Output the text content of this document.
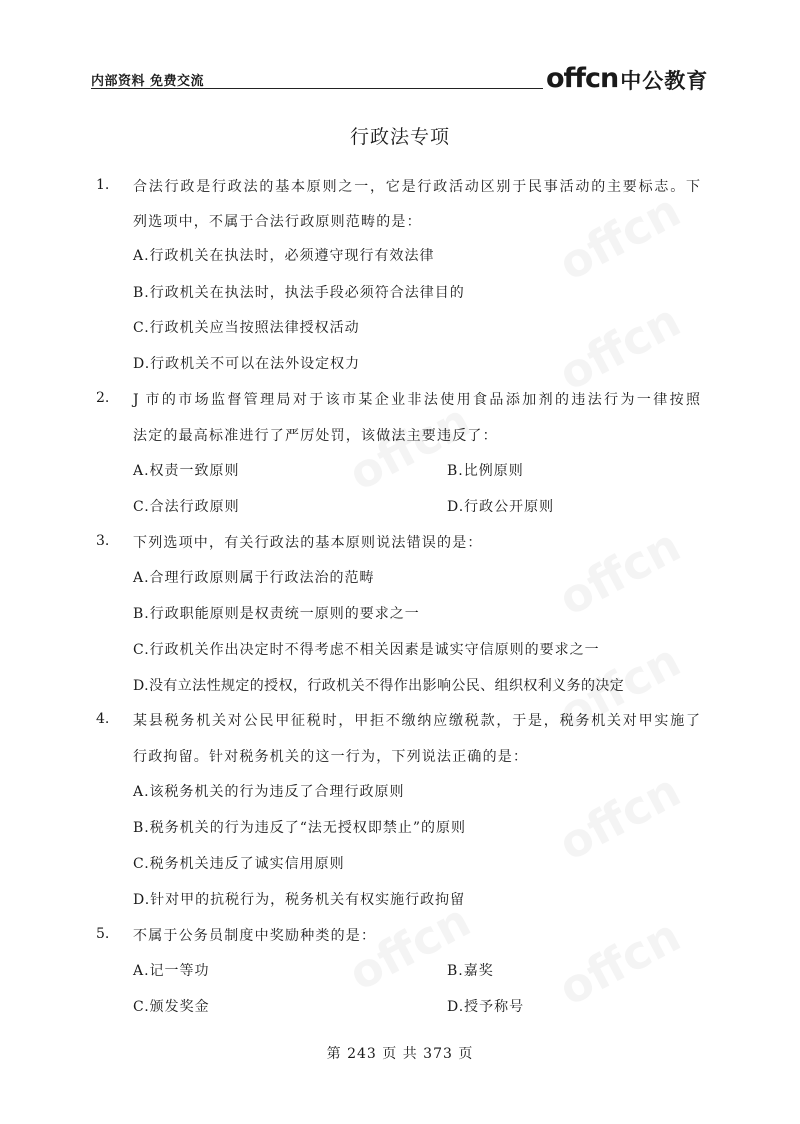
内部资料 免费交流	offcn 中公教育
行政法专项
1. 合法行政是行政法的基本原则之一，它是行政活动区别于民事活动的主要标志。下
列选项中，不属于合法行政原则范畴的是：
A.行政机关在执法时，必须遵守现行有效法律
B.行政机关在执法时，执法手段必须符合法律目的
C.行政机关应当按照法律授权活动
D.行政机关不可以在法外设定权力
2. J 市的市场监督管理局对于该市某企业非法使用食品添加剂的违法行为一律按照
法定的最高标准进行了严厉处罚，该做法主要违反了：
A.权责一致原则	B.比例原则
C.合法行政原则	D.行政公开原则
3. 下列选项中，有关行政法的基本原则说法错误的是：
A.合理行政原则属于行政法治的范畴
B.行政职能原则是权责统一原则的要求之一
C.行政机关作出决定时不得考虑不相关因素是诚实守信原则的要求之一
D.没有立法性规定的授权，行政机关不得作出影响公民、组织权利义务的决定
4. 某县税务机关对公民甲征税时，甲拒不缴纳应缴税款，于是，税务机关对甲实施了
行政拘留。针对税务机关的这一行为，下列说法正确的是：
A.该税务机关的行为违反了合理行政原则
B.税务机关的行为违反了“法无授权即禁止”的原则
C.税务机关违反了诚实信用原则
D.针对甲的抗税行为，税务机关有权实施行政拘留
5. 不属于公务员制度中奖励种类的是：
A.记一等功	B.嘉奖
C.颁发奖金	D.授予称号
第 243 页 共 373 页
